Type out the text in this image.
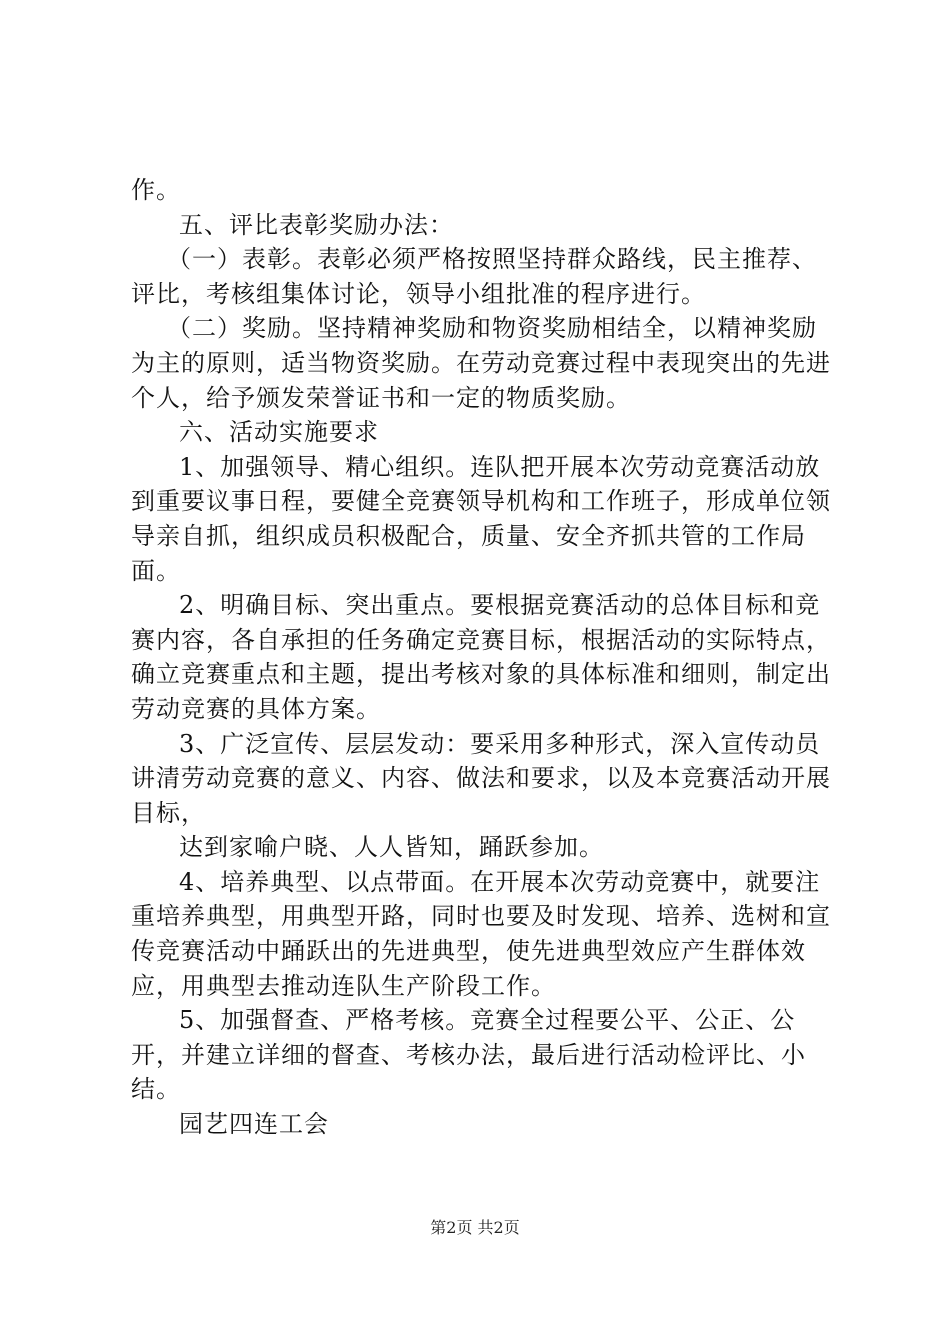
作。

五、评比表彰奖励办法：

（一）表彰。表彰必须严格按照坚持群众路线，民主推荐、评比，考核组集体讨论，领导小组批准的程序进行。

（二）奖励。坚持精神奖励和物资奖励相结全，以精神奖励为主的原则，适当物资奖励。在劳动竞赛过程中表现突出的先进个人，给予颁发荣誉证书和一定的物质奖励。

六、活动实施要求

1、加强领导、精心组织。连队把开展本次劳动竞赛活动放到重要议事日程，要健全竞赛领导机构和工作班子，形成单位领导亲自抓，组织成员积极配合，质量、安全齐抓共管的工作局面。

2、明确目标、突出重点。要根据竞赛活动的总体目标和竞赛内容，各自承担的任务确定竞赛目标，根据活动的实际特点，确立竞赛重点和主题，提出考核对象的具体标准和细则，制定出劳动竞赛的具体方案。

3、广泛宣传、层层发动：要采用多种形式，深入宣传动员讲清劳动竞赛的意义、内容、做法和要求，以及本竞赛活动开展目标，

达到家喻户晓、人人皆知，踊跃参加。

4、培养典型、以点带面。在开展本次劳动竞赛中，就要注重培养典型，用典型开路，同时也要及时发现、培养、选树和宣传竞赛活动中踊跃出的先进典型，使先进典型效应产生群体效应，用典型去推动连队生产阶段工作。

5、加强督查、严格考核。竞赛全过程要公平、公正、公开，并建立详细的督查、考核办法，最后进行活动检评比、小结。

园艺四连工会

第2页 共2页
